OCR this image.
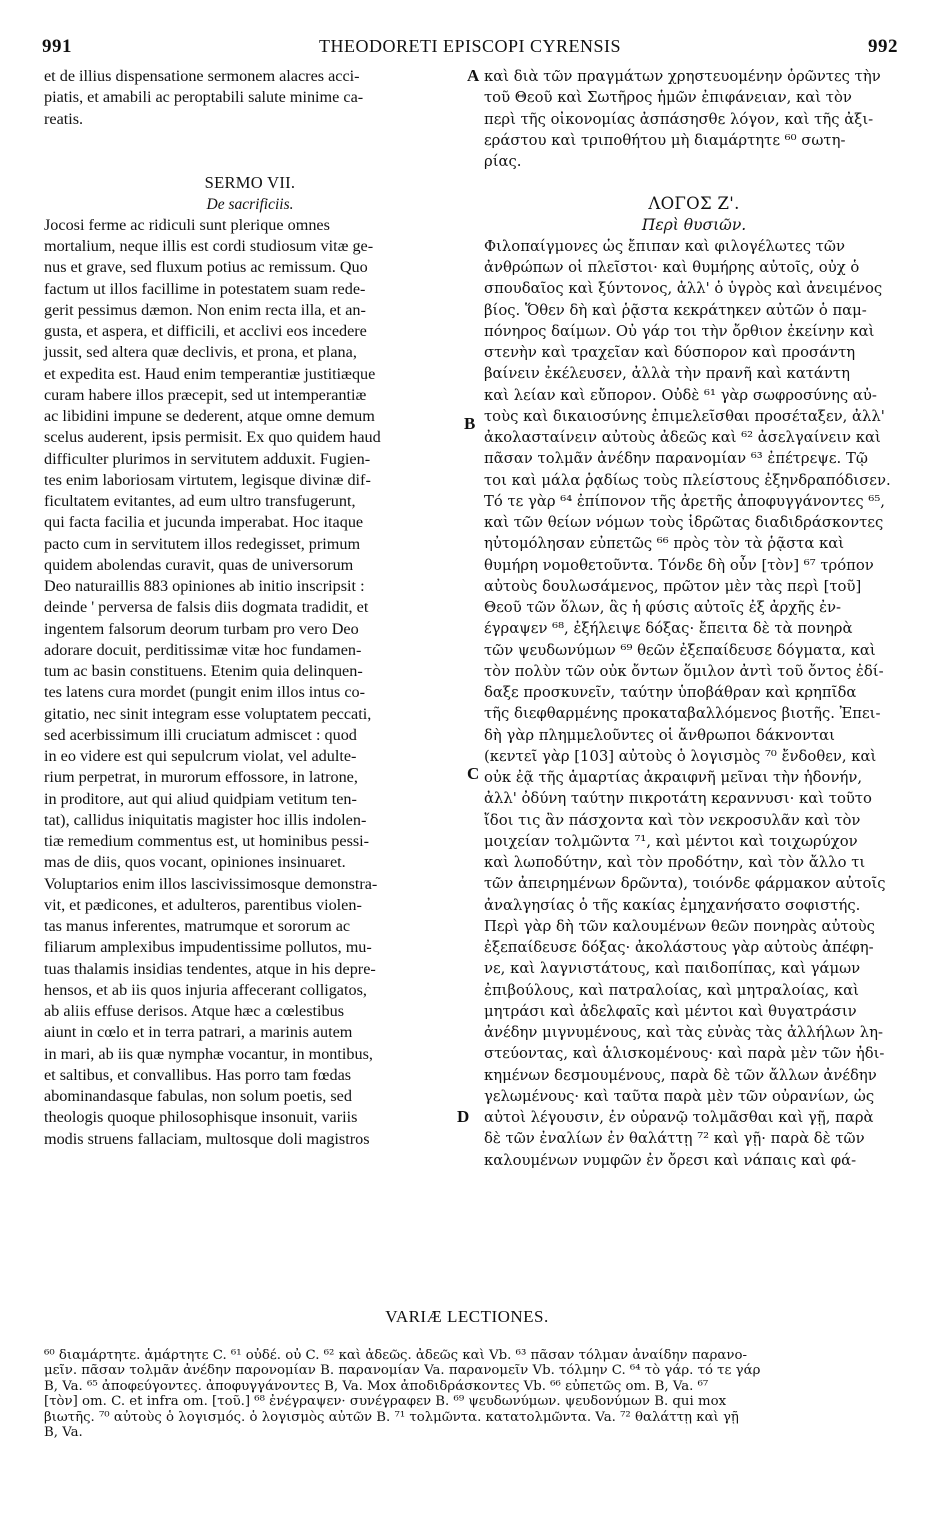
991	THEODORETI EPISCOPI CYRENSIS	992
et de illius dispensatione sermonem alacres acci-
piatis, et amabili ac peroptabili salute minime ca-
reatis.
SERMO VII.
De sacrificiis.
Jocosi ferme ac ridiculi sunt plerique omnes
mortalium, neque illis est cordi studiosum vitæ ge-
nus et grave, sed fluxum potius ac remissum. Quo
factum ut illos facillime in potestatem suam rede-
gerit pessimus dæmon. Non enim recta illa, et an-
gusta, et aspera, et difficili, et acclivi eos incedere
jussit, sed altera quæ declivis, et prona, et plana,
et expedita est. Haud enim temperantiæ justitiæque
curam habere illos præcepit, sed ut intemperantiæ
ac libidini impune se dederent, atque omne demum
scelus auderent, ipsis permisit. Ex quo quidem haud
difficulter plurimos in servitutem adduxit. Fugien-
tes enim laboriosam virtutem, legisque divinæ dif-
ficultatem evitantes, ad eum ultro transfugerunt,
qui facta facilia et jucunda imperabat. Hoc itaque
pacto cum in servitutem illos redegisset, primum
quidem abolendas curavit, quas de universorum
Deo naturaillis 883 opiniones ab initio inscripsit :
deinde ' perversa de falsis diis dogmata tradidit, et
ingentem falsorum deorum turbam pro vero Deo
adorare docuit, perditissimæ vitæ hoc fundamen-
tum ac basin constituens. Etenim quia delinquen-
tes latens cura mordet (pungit enim illos intus co-
gitatio, nec sinit integram esse voluptatem peccati,
sed acerbissimum illi cruciatum admiscet : quod
in eo videre est qui sepulcrum violat, vel adulte-
rium perpetrat, in murorum effossore, in latrone,
in proditore, aut qui aliud quidpiam vetitum ten-
tat), callidus iniquitatis magister hoc illis indolen-
tiæ remedium commentus est, ut hominibus pessi-
mas de diis, quos vocant, opiniones insinuaret.
Voluptarios enim illos lascivissimosque demonstra-
vit, et pædicones, et adulteros, parentibus violen-
tas manus inferentes, matrumque et sororum ac
filiarum amplexibus impudentissime pollutos, mu-
tuas thalamis insidias tendentes, atque in his depre-
hensos, et ab iis quos injuria affecerant colligatos,
ab aliis effuse derisos. Atque hæc a cœlestibus
aiunt in cœlo et in terra patrari, a marinis autem
in mari, ab iis quæ nymphæ vocantur, in montibus,
et saltibus, et convallibus. Has porro tam fœdas
abominandasque fabulas, non solum poetis, sed
theologis quoque philosophisque insonuit, variis
modis struens fallaciam, multosque doli magistros
καὶ διὰ τῶν πραγμάτων χρηστευομένην ὁρῶντες τὴν
τοῦ Θεοῦ καὶ Σωτῆρος ἡμῶν ἐπιφάνειαν, καὶ τὸν
περὶ τῆς οἰκονομίας ἀσπάσησθε λόγον, καὶ τῆς ἀξι-
εράστου καὶ τριποθήτου μὴ διαμάρτητε ⁶⁰ σωτη-
ρίας.
ΛΟΓΟΣ Ζ'.
Περὶ θυσιῶν.
Φιλοπαίγμονες ὡς ἔπιπαν καὶ φιλογέλωτες τῶν
ἀνθρώπων οἱ πλεῖστοι· καὶ θυμήρης αὐτοῖς, οὐχ ὁ
σπουδαῖος καὶ ξύντονος, ἀλλ' ὁ ὑγρὸς καὶ ἀνειμένος
βίος. Ὅθεν δὴ καὶ ῥᾷστα κεκράτηκεν αὐτῶν ὁ παμ-
πόνηρος δαίμων. Οὐ γάρ τοι τὴν ὄρθιον ἐκείνην καὶ
στενὴν καὶ τραχεῖαν καὶ δύσπορον καὶ προσάντη
βαίνειν ἐκέλευσεν, ἀλλὰ τὴν πρανῆ καὶ κατάντη
καὶ λείαν καὶ εὔπορον. Οὐδὲ ⁶¹ γὰρ σωφροσύνης αὐ-
τοὺς καὶ δικαιοσύνης ἐπιμελεῖσθαι προσέταξεν, ἀλλ'
ἀκολασταίνειν αὐτοὺς ἀδεῶς καὶ ⁶² ἀσελγαίνειν καὶ
πᾶσαν τολμᾶν ἀνέδην παρανομίαν ⁶³ ἐπέτρεψε. Τῷ
τοι καὶ μάλα ῥᾳδίως τοὺς πλείστους ἐξηνδραπόδισεν.
Τό τε γὰρ ⁶⁴ ἐπίπονον τῆς ἀρετῆς ἀποφυγγάνοντες ⁶⁵,
καὶ τῶν θείων νόμων τοὺς ἱδρῶτας διαδιδράσκοντες
ηὐτομόλησαν εὐπετῶς ⁶⁶ πρὸς τὸν τὰ ῥᾷστα καὶ
θυμήρη νομοθετοῦντα. Τόνδε δὴ οὖν [τὸν] ⁶⁷ τρόπον
αὐτοὺς δουλωσάμενος, πρῶτον μὲν τὰς περὶ [τοῦ]
Θεοῦ τῶν ὅλων, ἃς ἡ φύσις αὐτοῖς ἐξ ἀρχῆς ἐν-
έγραψεν ⁶⁸, ἐξήλειψε δόξας· ἔπειτα δὲ τὰ πονηρὰ
τῶν ψευδωνύμων ⁶⁹ θεῶν ἐξεπαίδευσε δόγματα, καὶ
τὸν πολὺν τῶν οὐκ ὄντων ὅμιλον ἀντὶ τοῦ ὄντος ἐδί-
δαξε προσκυνεῖν, ταύτην ὑποβάθραν καὶ κρηπῖδα
τῆς διεφθαρμένης προκαταβαλλόμενος βιοτῆς. Ἐπει-
δὴ γὰρ πλημμελοῦντες οἱ ἄνθρωποι δάκνονται
(κεντεῖ γὰρ [103] αὐτοὺς ὁ λογισμὸς ⁷⁰ ἔνδοθεν, καὶ
οὐκ ἐᾷ τῆς ἁμαρτίας ἀκραιφνῆ μεῖναι τὴν ἡδονήν,
ἀλλ' ὀδύνη ταύτην πικροτάτη κεραννυσι· καὶ τοῦτο
ἴδοι τις ἂν πάσχοντα καὶ τὸν νεκροσυλᾶν καὶ τὸν
μοιχείαν τολμῶντα ⁷¹, καὶ μέντοι καὶ τοιχωρύχον
καὶ λωποδύτην, καὶ τὸν προδότην, καὶ τὸν ἄλλο τι
τῶν ἀπειρημένων δρῶντα), τοιόνδε φάρμακον αὐτοῖς
ἀναλγησίας ὁ τῆς κακίας ἐμηχανήσατο σοφιστής.
Περὶ γὰρ δὴ τῶν καλουμένων θεῶν πονηρὰς αὐτοὺς
ἐξεπαίδευσε δόξας· ἀκολάστους γὰρ αὐτοὺς ἀπέφη-
νε, καὶ λαγνιστάτους, καὶ παιδοπίπας, καὶ γάμων
ἐπιβούλους, καὶ πατραλοίας, καὶ μητραλοίας, καὶ
μητράσι καὶ ἀδελφαῖς καὶ μέντοι καὶ θυγατράσιν
ἀνέδην μιγνυμένους, καὶ τὰς εὐνὰς τὰς ἀλλήλων λη-
στεύοντας, καὶ ἁλισκομένους· καὶ παρὰ μὲν τῶν ἠδι-
κημένων δεσμουμένους, παρὰ δὲ τῶν ἄλλων ἀνέδην
γελωμένους· καὶ ταῦτα παρὰ μὲν τῶν οὐρανίων, ὡς
αὐτοὶ λέγουσιν, ἐν οὐρανῷ τολμᾶσθαι καὶ γῇ, παρὰ
δὲ τῶν ἐναλίων ἐν θαλάττῃ ⁷² καὶ γῇ· παρὰ δὲ τῶν
καλουμένων νυμφῶν ἐν ὄρεσι καὶ νάπαις καὶ φά-
A
B
C
D
VARIÆ LECTIONES.
⁶⁰ διαμάρτητε. ἁμάρτητε C. ⁶¹ οὐδέ. οὐ C. ⁶² καὶ ἀδεῶς. ἀδεῶς καὶ Vb. ⁶³ πᾶσαν τόλμαν ἀναίδην παρανο-
μεῖν. πᾶσαν τολμᾶν ἀνέδην παρονομίαν B. παρανομίαν Va. παρανομεῖν Vb. τόλμην C. ⁶⁴ τὸ γάρ. τό τε γάρ
B, Va. ⁶⁵ ἀποφεύγοντες. ἀποφυγγάνοντες B, Va. Mox ἀποδιδράσκοντες Vb. ⁶⁶ εὐπετῶς om. B, Va. ⁶⁷
[τὸν] om. C. et infra om. [τοῦ.] ⁶⁸ ἐνέγραψεν· συνέγραφεν B. ⁶⁹ ψευδωνύμων. ψευδονύμων B. qui mox
βιωτῆς. ⁷⁰ αὐτοὺς ὁ λογισμός. ὁ λογισμὸς αὐτῶν B. ⁷¹ τολμῶντα. κατατολμῶντα. Va. ⁷² θαλάττῃ καὶ γῇ
B, Va.
